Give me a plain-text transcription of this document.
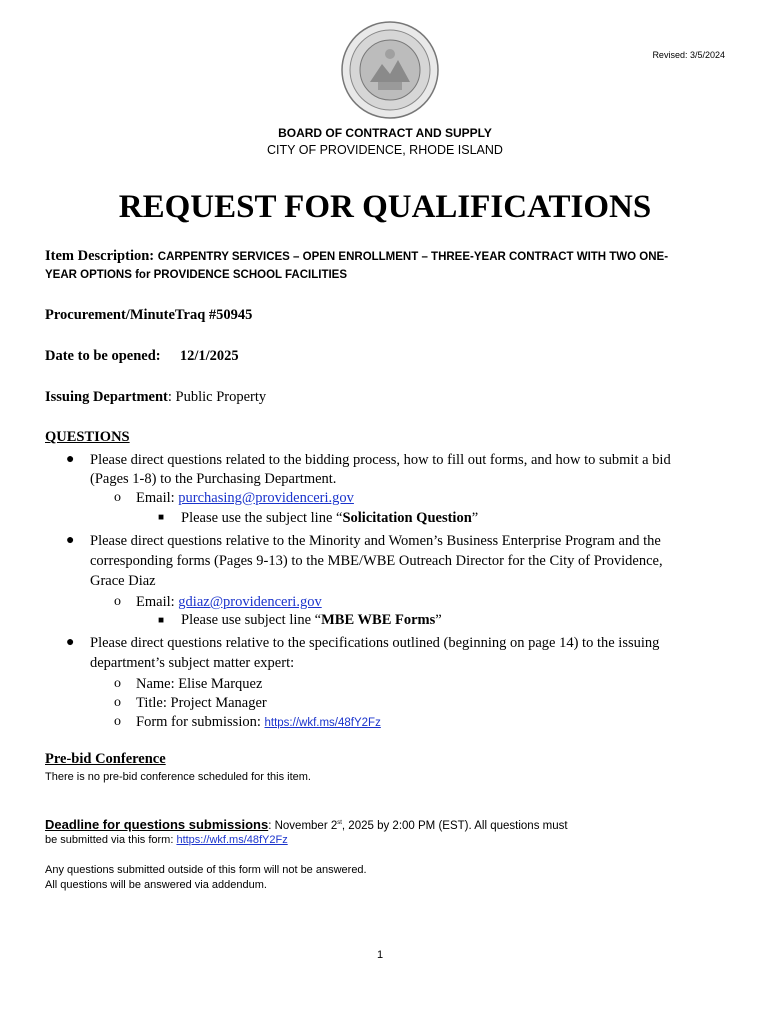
Revised: 3/5/2024
BOARD OF CONTRACT AND SUPPLY
CITY OF PROVIDENCE, RHODE ISLAND
REQUEST FOR QUALIFICATIONS
Item Description: CARPENTRY SERVICES – OPEN ENROLLMENT – THREE-YEAR CONTRACT WITH TWO ONE-
YEAR OPTIONS for PROVIDENCE SCHOOL FACILITIES
Procurement/MinuteTraq #50945
Date to be opened: 12/1/2025
Issuing Department: Public Property
QUESTIONS
● Please direct questions related to the bidding process, how to fill out forms, and how to submit a bid
(Pages 1-8) to the Purchasing Department.
o Email: purchasing@providenceri.gov
■ Please use the subject line “Solicitation Question”
● Please direct questions relative to the Minority and Women’s Business Enterprise Program and the
corresponding forms (Pages 9-13) to the MBE/WBE Outreach Director for the City of Providence,
Grace Diaz
o Email: gdiaz@providenceri.gov
■ Please use subject line “MBE WBE Forms”
● Please direct questions relative to the specifications outlined (beginning on page 14) to the issuing
department’s subject matter expert:
o Name: Elise Marquez
o Title: Project Manager
o Form for submission: https://wkf.ms/48fY2Fz
Pre-bid Conference
There is no pre-bid conference scheduled for this item.
Deadline for questions submissions: November 2st, 2025 by 2:00 PM (EST). All questions must
be submitted via this form: https://wkf.ms/48fY2Fz
Any questions submitted outside of this form will not be answered.
All questions will be answered via addendum.
1
